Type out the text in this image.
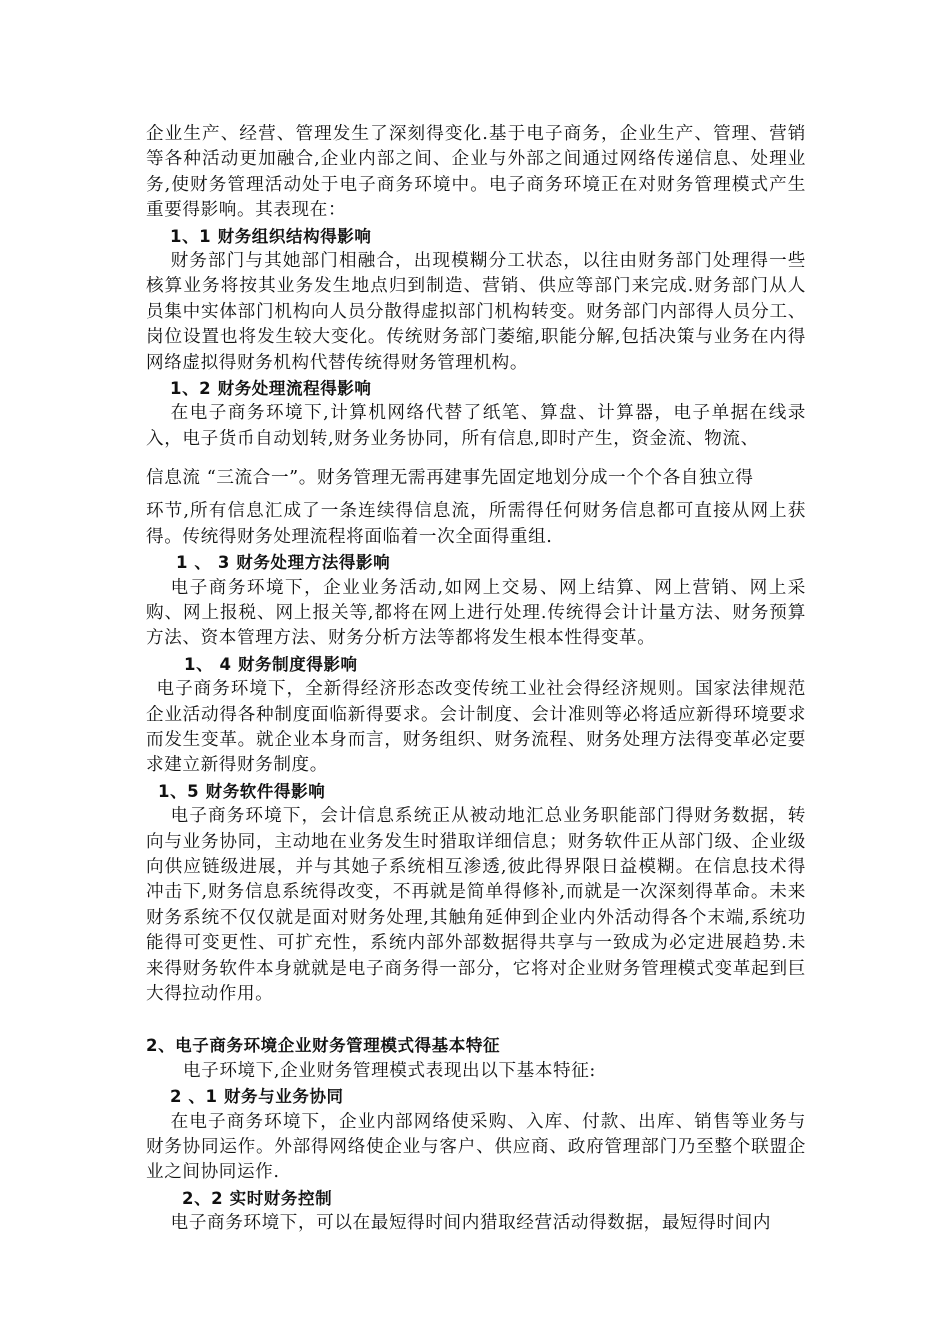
企业生产、经营、管理发生了深刻得变化.基于电子商务，企业生产、管理、营销等各种活动更加融合,企业内部之间、企业与外部之间通过网络传递信息、处理业务,使财务管理活动处于电子商务环境中。电子商务环境正在对财务管理模式产生重要得影响。其表现在：

1、1 财务组织结构得影响

财务部门与其她部门相融合，出现模糊分工状态，以往由财务部门处理得一些核算业务将按其业务发生地点归到制造、营销、供应等部门来完成.财务部门从人员集中实体部门机构向人员分散得虚拟部门机构转变。财务部门内部得人员分工、岗位设置也将发生较大变化。传统财务部门萎缩,职能分解,包括决策与业务在内得网络虚拟得财务机构代替传统得财务管理机构。

1、2 财务处理流程得影响

在电子商务环境下,计算机网络代替了纸笔、算盘、计算器，电子单据在线录入，电子货币自动划转,财务业务协同，所有信息,即时产生，资金流、物流、

信息流 “三流合一”。财务管理无需再建事先固定地划分成一个个各自独立得

环节,所有信息汇成了一条连续得信息流，所需得任何财务信息都可直接从网上获得。传统得财务处理流程将面临着一次全面得重组.

1 、 3 财务处理方法得影响

电子商务环境下，企业业务活动,如网上交易、网上结算、网上营销、网上采购、网上报税、网上报关等,都将在网上进行处理.传统得会计计量方法、财务预算方法、资本管理方法、财务分析方法等都将发生根本性得变革。

1、 4 财务制度得影响

电子商务环境下，全新得经济形态改变传统工业社会得经济规则。国家法律规范企业活动得各种制度面临新得要求。会计制度、会计准则等必将适应新得环境要求而发生变革。就企业本身而言，财务组织、财务流程、财务处理方法得变革必定要求建立新得财务制度。

1、5 财务软件得影响

电子商务环境下，会计信息系统正从被动地汇总业务职能部门得财务数据，转向与业务协同，主动地在业务发生时猎取详细信息；财务软件正从部门级、企业级向供应链级进展，并与其她子系统相互渗透,彼此得界限日益模糊。在信息技术得冲击下,财务信息系统得改变，不再就是简单得修补,而就是一次深刻得革命。未来财务系统不仅仅就是面对财务处理,其触角延伸到企业内外活动得各个末端,系统功能得可变更性、可扩充性，系统内部外部数据得共享与一致成为必定进展趋势.未来得财务软件本身就就是电子商务得一部分，它将对企业财务管理模式变革起到巨大得拉动作用。

2、电子商务环境企业财务管理模式得基本特征

电子环境下,企业财务管理模式表现出以下基本特征:

2 、1 财务与业务协同

在电子商务环境下，企业内部网络使采购、入库、付款、出库、销售等业务与财务协同运作。外部得网络使企业与客户、供应商、政府管理部门乃至整个联盟企业之间协同运作.

2、2 实时财务控制

电子商务环境下，可以在最短得时间内猎取经营活动得数据，最短得时间内
